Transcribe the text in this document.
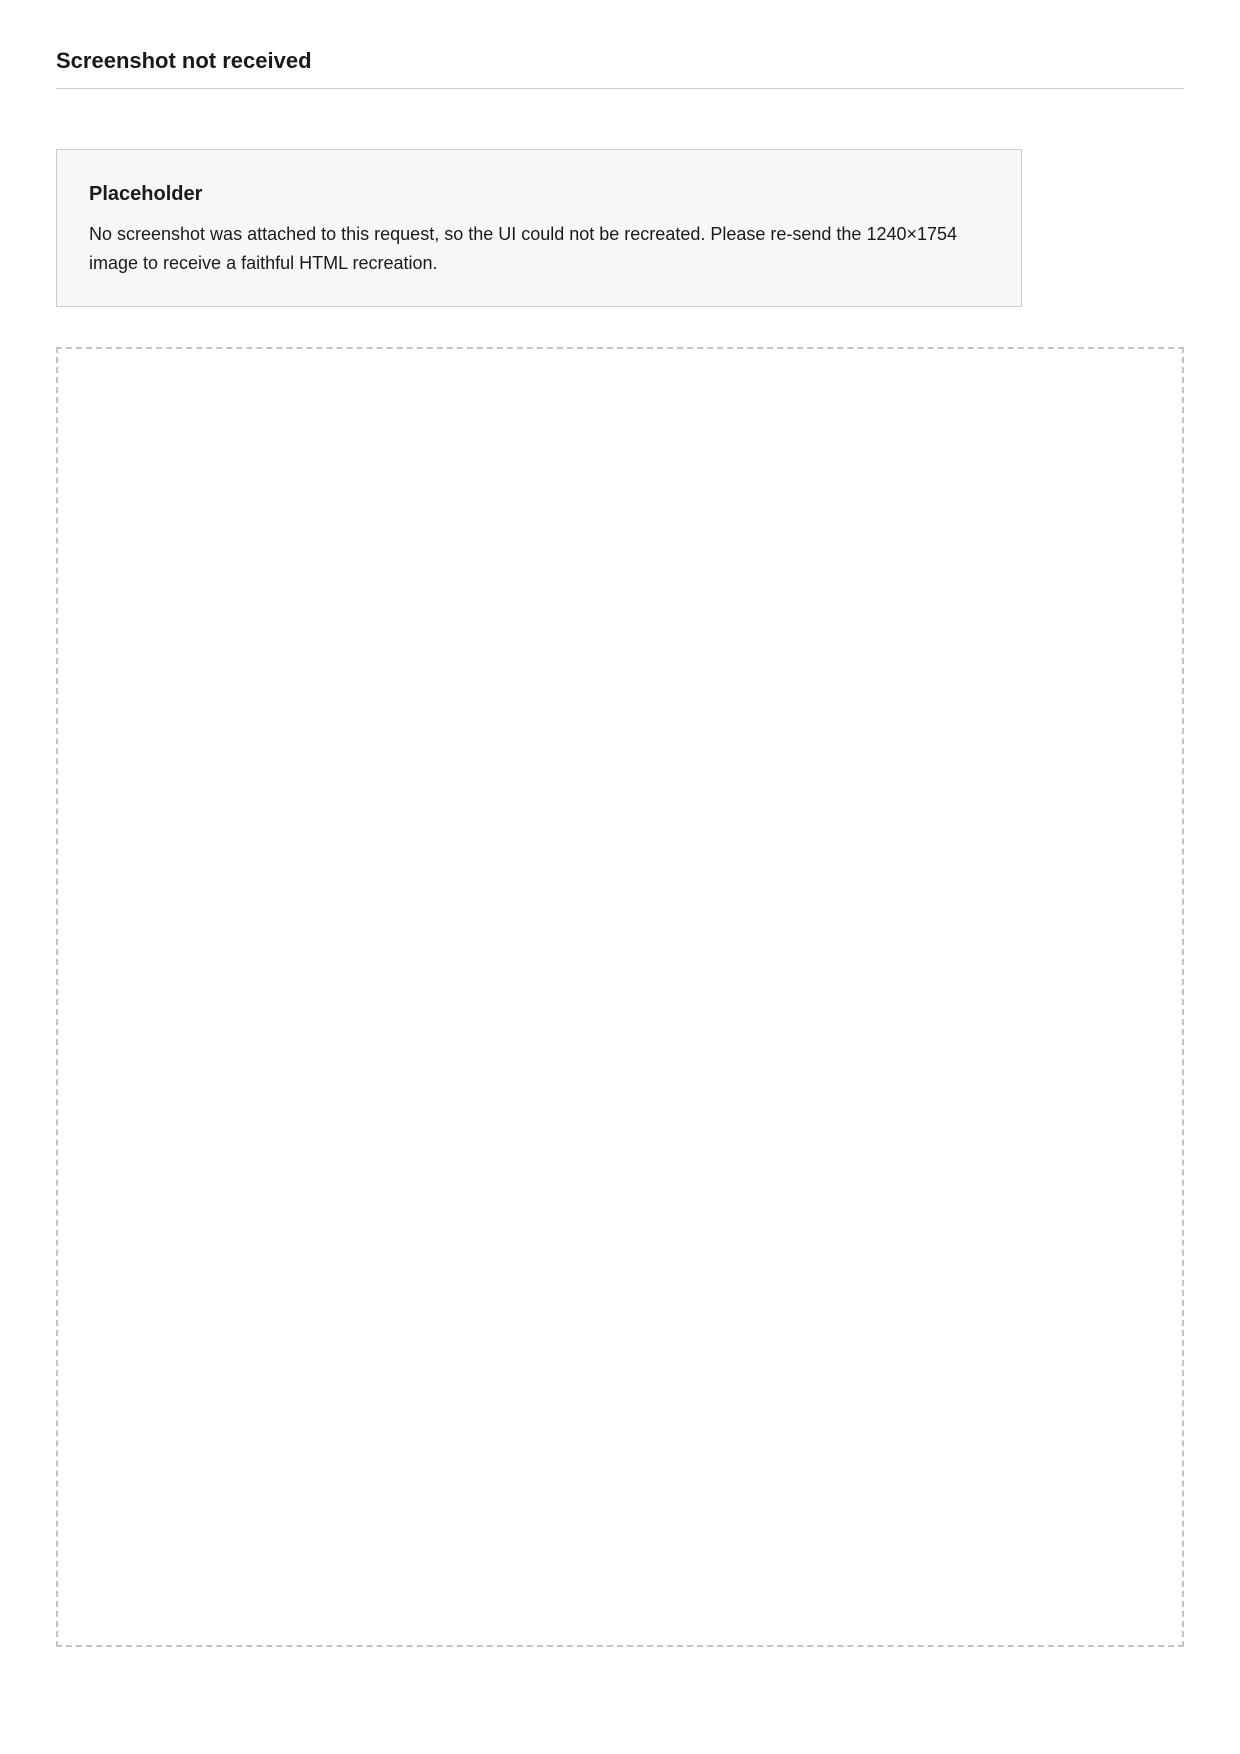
Screenshot not received
Placeholder
No screenshot was attached to this request, so the UI could not be recreated. Please re-send the 1240×1754 image to receive a faithful HTML recreation.
